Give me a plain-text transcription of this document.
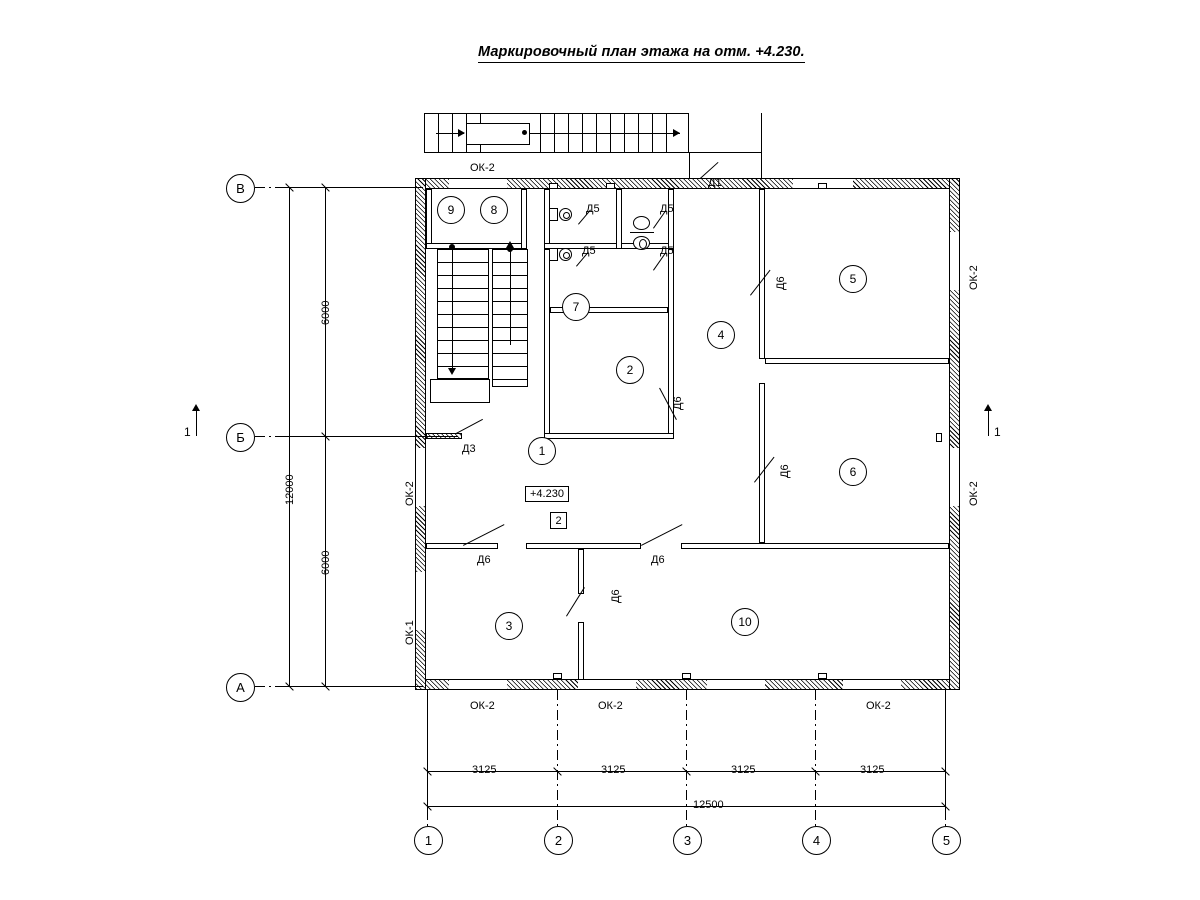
Маркировочный план этажа на отм. +4.230.
1
2
3
4
5
6
7
8
9
10
+4.230
2
Д1
Д5	Д5
Д5	Д5
Д6
Д6
Д6
Д3
Д6	Д6
Д6
ОК-2
ОК-2
ОК-2
ОК-2
ОК-1
ОК-2	ОК-2	ОК-2
1	1
В
Б
А
6000
6000
12000
1	2	3	4	5
3125	3125	3125	3125
12500
